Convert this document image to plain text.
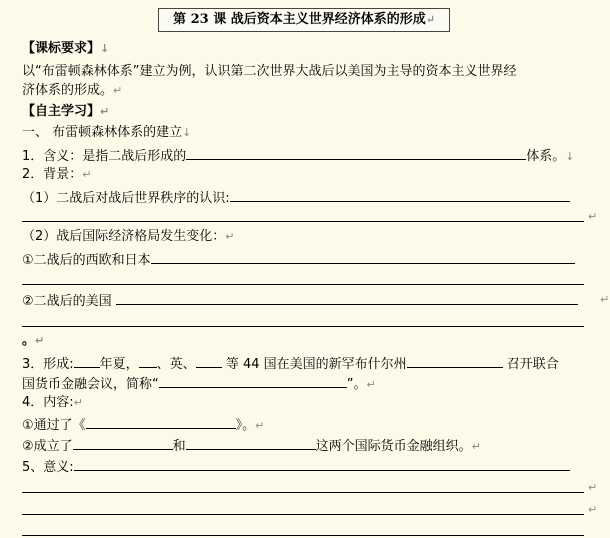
第 23 课 战后资本主义世界经济体系的形成↵
【课标要求】↓
以“布雷顿森林体系”建立为例，认识第二次世界大战后以美国为主导的资本主义世界经
济体系的形成。↵
【自主学习】↵
一、 布雷顿森林体系的建立↓
1．含义：是指二战后形成的	体系。↓
2．背景：↵
（1）二战后对战后世界秩序的认识:
↵
（2）战后国际经济格局发生变化：↵
①二战后的西欧和日本
②二战后的美国	↵
。↵
3．形成: 年夏， 、英、 等 44 国在美国的新罕布什尔州	召开联合
国货币金融会议，简称“	”。↵
4．内容:↵
①通过了《	》。↵
②成立了	和	这两个国际货币金融组织。↵
5、意义:
↵
↵
